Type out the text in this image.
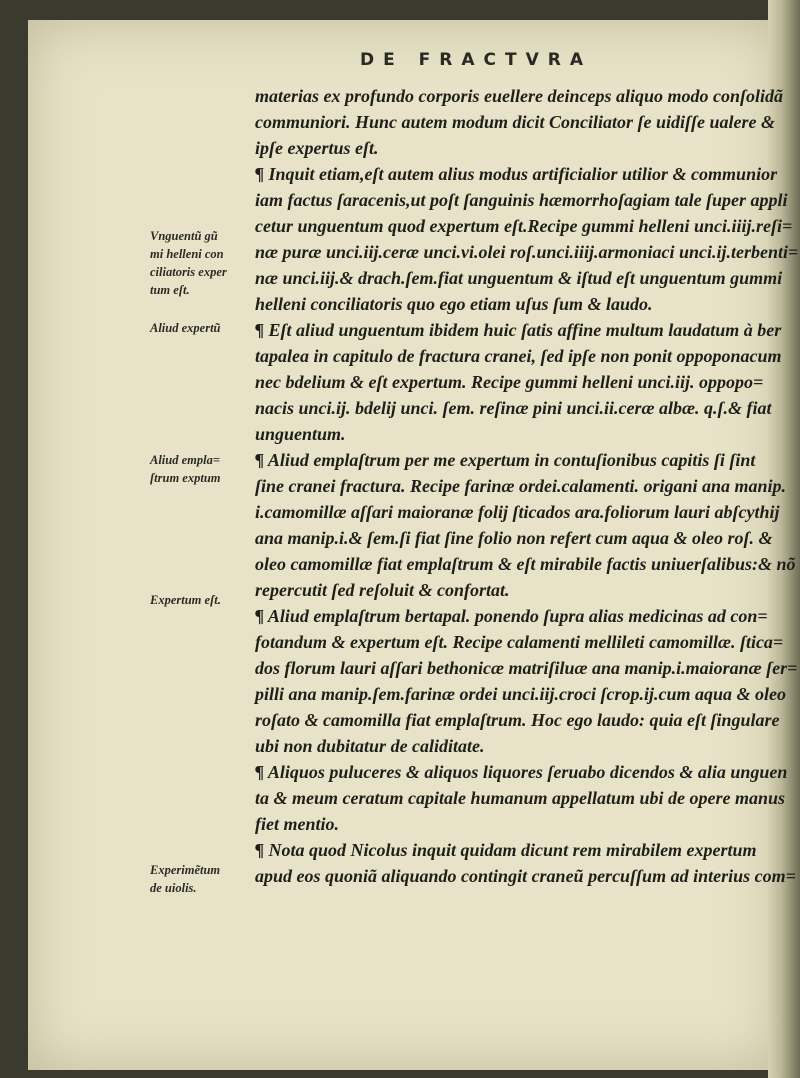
DE FRACTVRA
Vnguentũ gũ
mi helleni con
ciliatoris exper
tum eſt.
Aliud expertũ
Aliud empla=
ſtrum exptum
Expertum eſt.
Experimẽtum
de uiolis.
materias ex profundo corporis euellere deinceps aliquo modo conſolidã
communiori. Hunc autem modum dicit Conciliator ſe uidiſſe ualere &
ipſe expertus eſt.
¶ Inquit etiam,eſt autem alius modus artificialior utilior & communior
iam factus ſaracenis,ut poſt ſanguinis hæmorrhoſagiam tale ſuper appli
cetur unguentum quod expertum eſt.Recipe gummi helleni unci.iiij.reſi=
næ puræ unci.iij.ceræ unci.vi.olei roſ.unci.iiij.armoniaci unci.ij.terbenti=
næ unci.iij.& drach.ſem.fiat unguentum & iſtud eſt unguentum gummi
helleni conciliatoris quo ego etiam uſus ſum & laudo.
¶ Eſt aliud unguentum ibidem huic ſatis affine multum laudatum à ber
tapalea in capitulo de fractura cranei, ſed ipſe non ponit oppoponacum
nec bdelium & eſt expertum. Recipe gummi helleni unci.iij. oppopo=
nacis unci.ij. bdelij unci. ſem. reſinæ pini unci.ii.ceræ albæ. q.ſ.& fiat
unguentum.
¶ Aliud emplaſtrum per me expertum in contuſionibus capitis ſi ſint
ſine cranei fractura. Recipe farinæ ordei.calamenti. origani ana manip.
i.camomillæ aſſari maioranæ folij ſticados ara.foliorum lauri abſcythij
ana manip.i.& ſem.ſi fiat ſine folio non refert cum aqua & oleo roſ. &
oleo camomillæ fiat emplaſtrum & eſt mirabile factis uniuerſalibus:& nõ
repercutit ſed reſoluit & confortat.
¶ Aliud emplaſtrum bertapal. ponendo ſupra alias medicinas ad con=
fotandum & expertum eſt. Recipe calamenti mellileti camomillæ. ſtica=
dos florum lauri aſſari bethonicæ matriſiluæ ana manip.i.maioranæ ſer=
pilli ana manip.ſem.farinæ ordei unci.iij.croci ſcrop.ij.cum aqua & oleo
roſato & camomilla fiat emplaſtrum. Hoc ego laudo: quia eſt ſingulare
ubi non dubitatur de caliditate.
¶ Aliquos puluceres & aliquos liquores ſeruabo dicendos & alia unguen
ta & meum ceratum capitale humanum appellatum ubi de opere manus
fiet mentio.
¶ Nota quod Nicolus inquit quidam dicunt rem mirabilem expertum
apud eos quoniã aliquando contingit craneũ percuſſum ad interius com=
